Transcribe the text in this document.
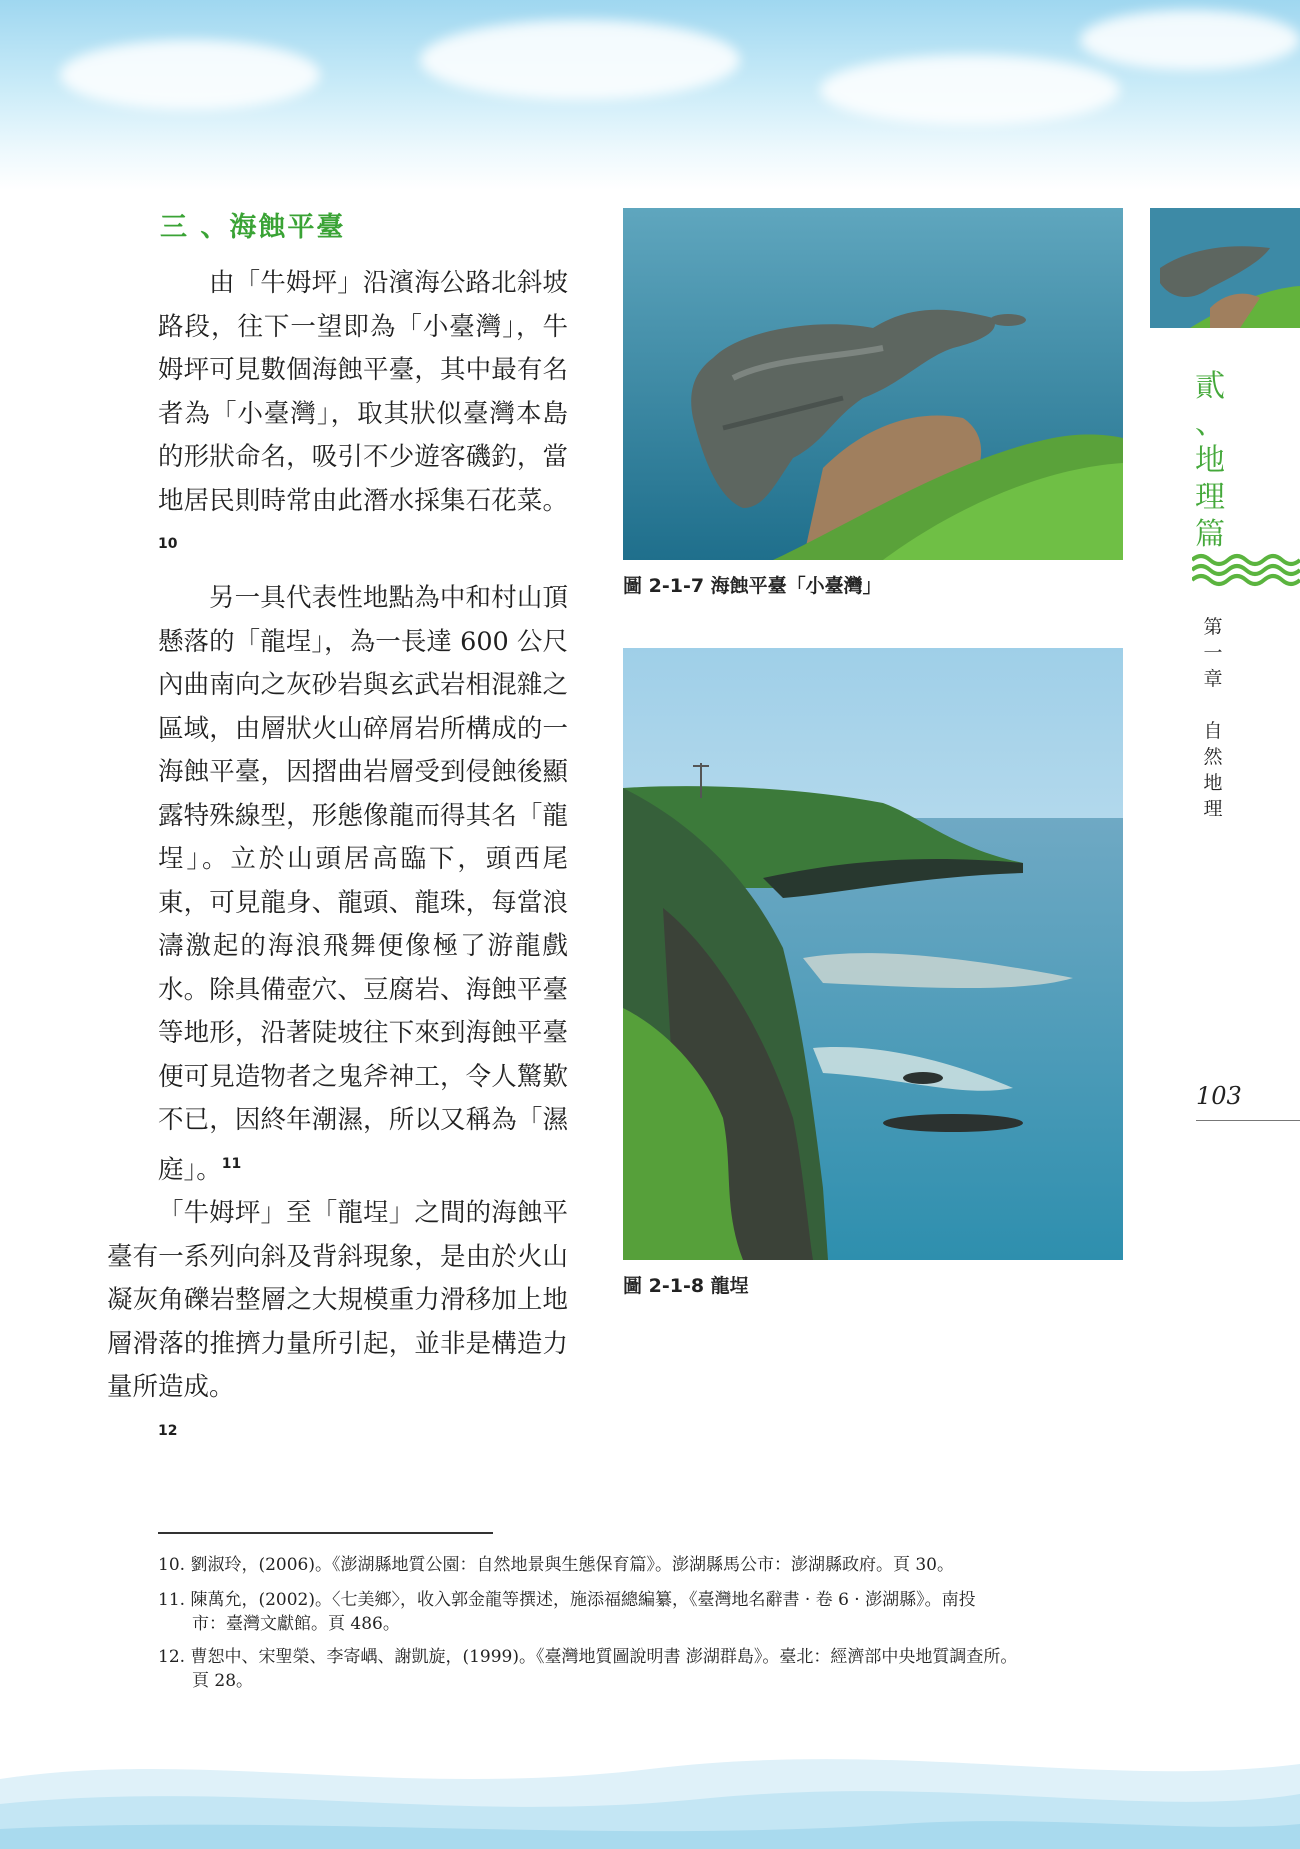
三 、海蝕平臺
由「牛姆坪」沿濱海公路北斜坡路段，往下一望即為「小臺灣」，牛姆坪可見數個海蝕平臺，其中最有名者為「小臺灣」，取其狀似臺灣本島的形狀命名，吸引不少遊客磯釣，當地居民則時常由此潛水採集石花菜。$^{10}$
另一具代表性地點為中和村山頂懸落的「龍埕」，為一長達 600 公尺內曲南向之灰砂岩與玄武岩相混雜之區域，由層狀火山碎屑岩所構成的一海蝕平臺，因摺曲岩層受到侵蝕後顯露特殊線型，形態像龍而得其名「龍埕」。立於山頭居高臨下，頭西尾東，可見龍身、龍頭、龍珠，每當浪濤激起的海浪飛舞便像極了游龍戲水。除具備壺穴、豆腐岩、海蝕平臺等地形，沿著陡坡往下來到海蝕平臺便可見造物者之鬼斧神工，令人驚歎不已，因終年潮濕，所以又稱為「濕庭」。$^{11}$
「牛姆坪」至「龍埕」之間的海蝕平臺有一系列向斜及背斜現象，是由於火山凝灰角礫岩整層之大規模重力滑移加上地層滑落的推擠力量所引起，並非是構造力量所造成。$^{12}$
圖 2-1-7 海蝕平臺「小臺灣」
圖 2-1-8 龍埕
貳
、
地
理
篇
第
一
章
自
然
地
理
103
10. 劉淑玲，(2006)。《澎湖縣地質公園：自然地景與生態保育篇》。澎湖縣馬公市：澎湖縣政府。頁 30。
11. 陳萬允，(2002)。〈七美鄉〉，收入郭金龍等撰述，施添福總編纂，《臺灣地名辭書 · 卷 6 · 澎湖縣》。南投
市：臺灣文獻館。頁 486。
12. 曹恕中、宋聖榮、李寄嵎、謝凱旋，(1999)。《臺灣地質圖說明書 澎湖群島》。臺北：經濟部中央地質調查所。
頁 28。
